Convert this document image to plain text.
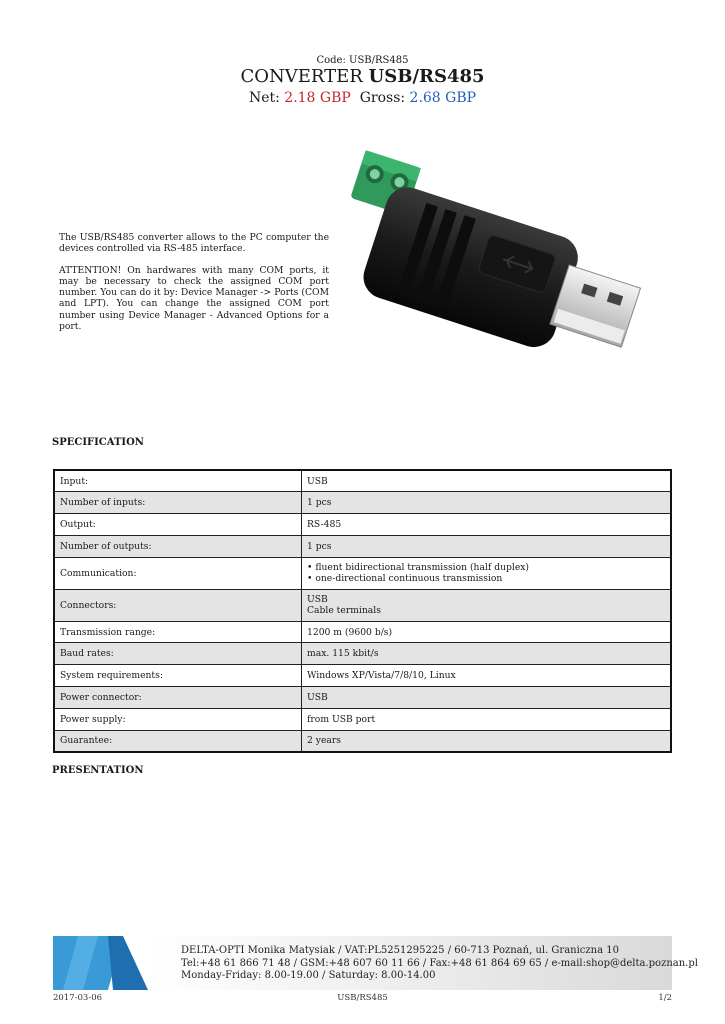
Code: USB/RS485
CONVERTER USB/RS485
Net: 2.18 GBP Gross: 2.68 GBP

The USB/RS485 converter allows to the PC computer the devices controlled via RS-485 interface.

ATTENTION! On hardwares with many COM ports, it may be necessary to check the assigned COM port number. You can do it by: Device Manager -> Ports (COM and LPT). You can change the assigned COM port number using Device Manager - Advanced Options for a port.

SPECIFICATION
Input:	USB
Number of inputs:	1 pcs
Output:	RS-485
Number of outputs:	1 pcs
Communication:	• fluent bidirectional transmission (half duplex)
• one-directional continuous transmission
Connectors:	USB
Cable terminals
Transmission range:	1200 m (9600 b/s)
Baud rates:	max. 115 kbit/s
System requirements:	Windows XP/Vista/7/8/10, Linux
Power connector:	USB
Power supply:	from USB port
Guarantee:	2 years
PRESENTATION
DELTA-OPTI Monika Matysiak / VAT:PL5251295225 / 60-713 Poznań, ul. Graniczna 10
Tel:+48 61 866 71 48 / GSM:+48 607 60 11 66 / Fax:+48 61 864 69 65 / e-mail:shop@delta.poznan.pl
Monday-Friday: 8.00-19.00 / Saturday: 8.00-14.00
2017-03-06	USB/RS485	1/2
